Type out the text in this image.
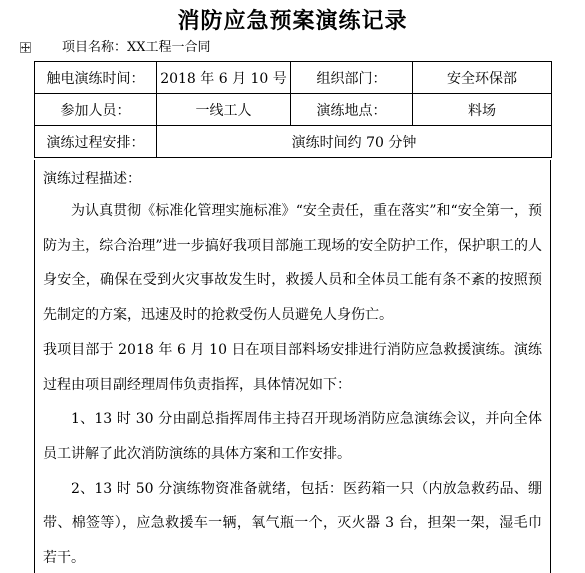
消防应急预案演练记录
项目名称：XX工程一合同
触电演练时间：	2018 年 6 月 10 号	组织部门：	安全环保部
参加人员：	一线工人	演练地点：	料场
演练过程安排：	演练时间约 70 分钟		

演练过程描述：

为认真贯彻《标准化管理实施标准》“安全责任，重在落实”和“安全第一，预防为主，综合治理”进一步搞好我项目部施工现场的安全防护工作，保护职工的人身安全，确保在受到火灾事故发生时，救援人员和全体员工能有条不紊的按照预先制定的方案，迅速及时的抢救受伤人员避免人身伤亡。

我项目部于 2018 年 6 月 10 日在项目部料场安排进行消防应急救援演练。演练过程由项目副经理周伟负责指挥，具体情况如下：

1、13 时 30 分由副总指挥周伟主持召开现场消防应急演练会议，并向全体员工讲解了此次消防演练的具体方案和工作安排。

2、13 时 50 分演练物资准备就绪，包括：医药箱一只（内放急救药品、绷带、棉签等），应急救援车一辆，氧气瓶一个，灭火器 3 台，担架一架，湿毛巾若干。
